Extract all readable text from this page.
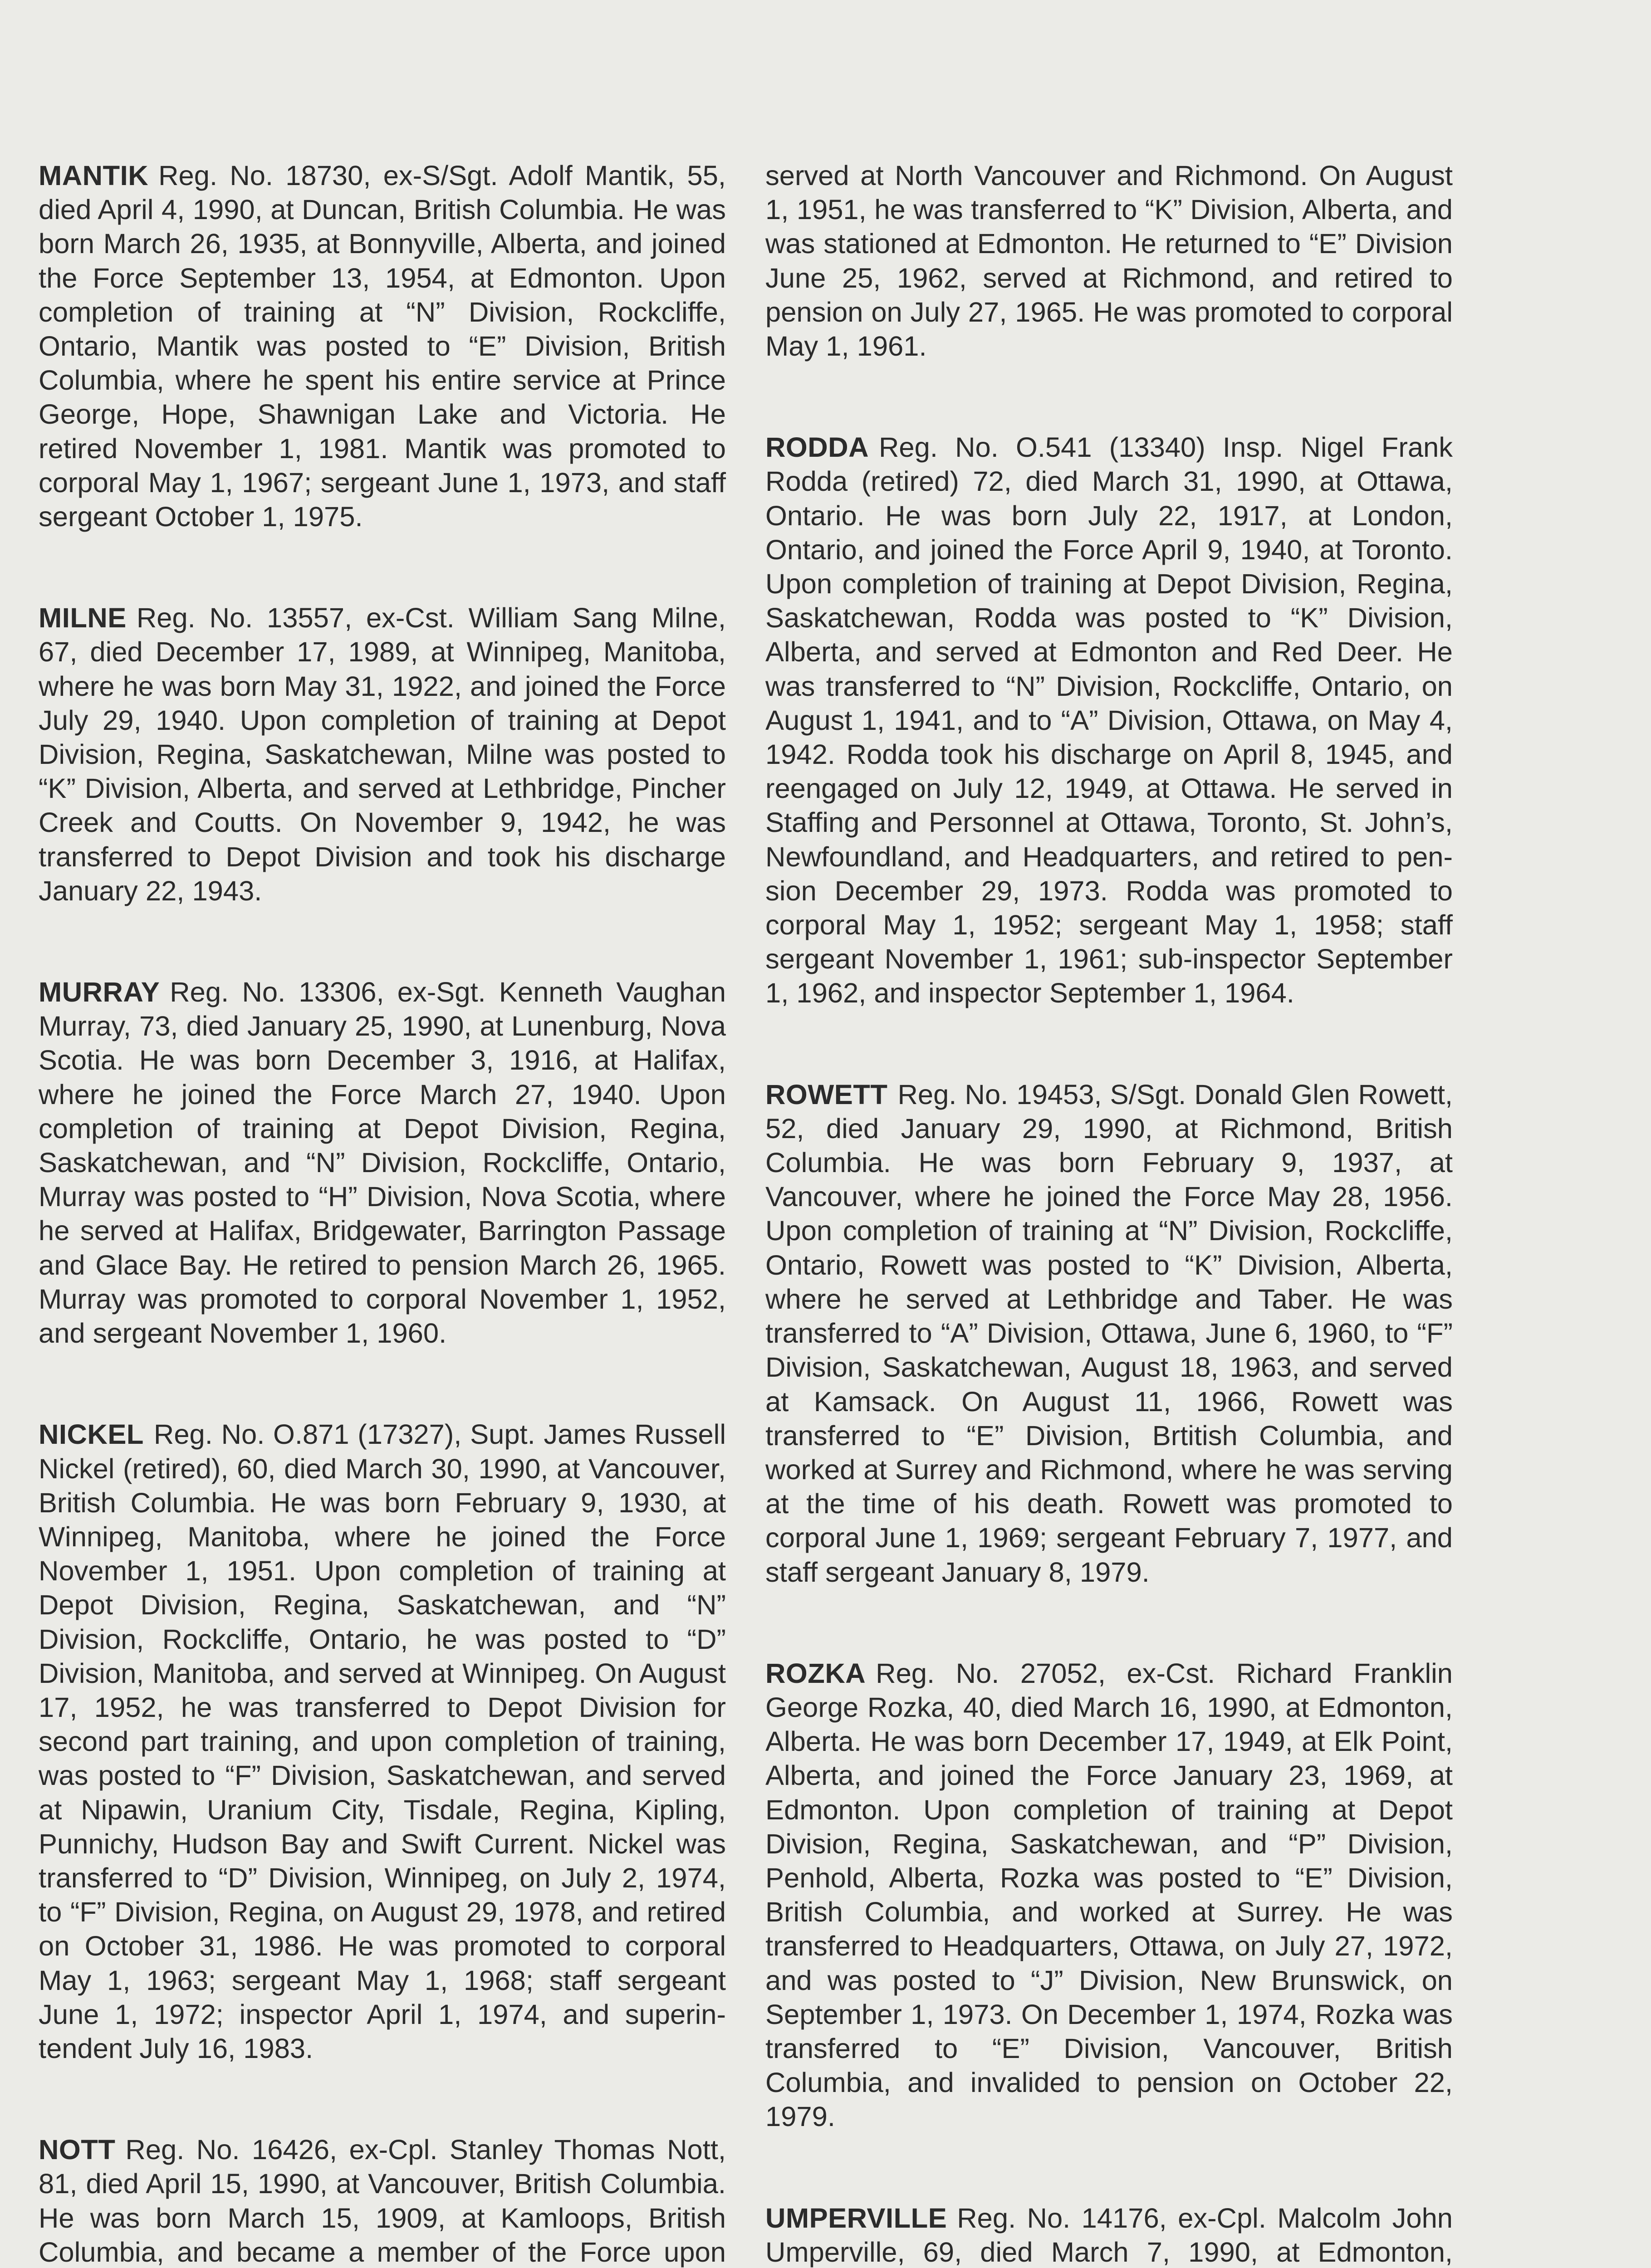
MANTIK Reg. No. 18730, ex-S/Sgt. Adolf Mantik, 55, died April 4, 1990, at Duncan, British Columbia. He was born March 26, 1935, at Bonnyville, Alberta, and joined the Force September 13, 1954, at Edmonton. Upon completion of training at “N” Division, Rockcliffe, Ontario, Mantik was posted to “E” Division, British Columbia, where he spent his entire service at Prince George, Hope, Shawnigan Lake and Victoria. He retired November 1, 1981. Mantik was promoted to corporal May 1, 1967; sergeant June 1, 1973, and staff sergeant October 1, 1975.

MILNE Reg. No. 13557, ex-Cst. William Sang Milne, 67, died December 17, 1989, at Winnipeg, Manitoba, where he was born May 31, 1922, and joined the Force July 29, 1940. Upon completion of training at Depot Division, Regina, Saskatchewan, Milne was posted to “K” Division, Alberta, and served at Lethbridge, Pincher Creek and Coutts. On November 9, 1942, he was transferred to Depot Division and took his discharge January 22, 1943.

MURRAY Reg. No. 13306, ex-Sgt. Kenneth Vaughan Murray, 73, died January 25, 1990, at Lunenburg, Nova Scotia. He was born December 3, 1916, at Halifax, where he joined the Force March 27, 1940. Upon completion of training at Depot Division, Regina, Saskatchewan, and “N” Division, Rockcliffe, Ontario, Murray was posted to “H” Division, Nova Scotia, where he served at Halifax, Bridgewater, Barrington Passage and Glace Bay. He retired to pension March 26, 1965. Murray was promoted to corporal November 1, 1952, and sergeant November 1, 1960.

NICKEL Reg. No. O.871 (17327), Supt. James Russell Nickel (retired), 60, died March 30, 1990, at Vancouver, British Columbia. He was born February 9, 1930, at Winnipeg, Manitoba, where he joined the Force November 1, 1951. Upon completion of training at Depot Division, Regina, Saskatchewan, and “N” Division, Rockcliffe, Ontario, he was posted to “D” Division, Manitoba, and served at Winnipeg. On August 17, 1952, he was transferred to Depot Division for second part training, and upon completion of training, was posted to “F” Division, Saskatchewan, and served at Nipawin, Uranium City, Tisdale, Regina, Kipling, Punnichy, Hudson Bay and Swift Current. Nickel was transferred to “D” Division, Winnipeg, on July 2, 1974, to “F” Division, Regina, on August 29, 1978, and retired on October 31, 1986. He was promoted to corporal May 1, 1963; sergeant May 1, 1968; staff sergeant June 1, 1972; inspector April 1, 1974, and superintendent July 16, 1983.

NOTT Reg. No. 16426, ex-Cpl. Stanley Thomas Nott, 81, died April 15, 1990, at Vancouver, British Columbia. He was born March 15, 1909, at Kamloops, British Columbia, and became a member of the Force upon

served at North Vancouver and Richmond. On August 1, 1951, he was transferred to “K” Division, Alberta, and was stationed at Edmonton. He returned to “E” Division June 25, 1962, served at Richmond, and retired to pension on July 27, 1965. He was promoted to corporal May 1, 1961.

RODDA Reg. No. O.541 (13340) Insp. Nigel Frank Rodda (retired) 72, died March 31, 1990, at Ottawa, Ontario. He was born July 22, 1917, at London, Ontario, and joined the Force April 9, 1940, at Toronto. Upon completion of training at Depot Division, Regina, Saskatchewan, Rodda was posted to “K” Division, Alberta, and served at Edmonton and Red Deer. He was transferred to “N” Division, Rockcliffe, Ontario, on August 1, 1941, and to “A” Division, Ottawa, on May 4, 1942. Rodda took his discharge on April 8, 1945, and reengaged on July 12, 1949, at Ottawa. He served in Staffing and Personnel at Ottawa, Toronto, St. John’s, Newfoundland, and Headquarters, and retired to pension December 29, 1973. Rodda was promoted to corporal May 1, 1952; sergeant May 1, 1958; staff sergeant November 1, 1961; sub-inspector September 1, 1962, and inspector September 1, 1964.

ROWETT Reg. No. 19453, S/Sgt. Donald Glen Rowett, 52, died January 29, 1990, at Richmond, British Columbia. He was born February 9, 1937, at Vancouver, where he joined the Force May 28, 1956. Upon completion of training at “N” Division, Rockcliffe, Ontario, Rowett was posted to “K” Division, Alberta, where he served at Lethbridge and Taber. He was transferred to “A” Division, Ottawa, June 6, 1960, to “F” Division, Saskatchewan, August 18, 1963, and served at Kamsack. On August 11, 1966, Rowett was transferred to “E” Division, Brtitish Columbia, and worked at Surrey and Richmond, where he was serving at the time of his death. Rowett was promoted to corporal June 1, 1969; sergeant February 7, 1977, and staff sergeant January 8, 1979.

ROZKA Reg. No. 27052, ex-Cst. Richard Franklin George Rozka, 40, died March 16, 1990, at Edmonton, Alberta. He was born December 17, 1949, at Elk Point, Alberta, and joined the Force January 23, 1969, at Edmonton. Upon completion of training at Depot Division, Regina, Saskatchewan, and “P” Division, Penhold, Alberta, Rozka was posted to “E” Division, British Columbia, and worked at Surrey. He was transferred to Headquarters, Ottawa, on July 27, 1972, and was posted to “J” Division, New Brunswick, on September 1, 1973. On December 1, 1974, Rozka was transferred to “E” Division, Vancouver, British Columbia, and invalided to pension on October 22, 1979.

UMPERVILLE Reg. No. 14176, ex-Cpl. Malcolm John Umperville, 69, died March 7, 1990, at Edmonton,
